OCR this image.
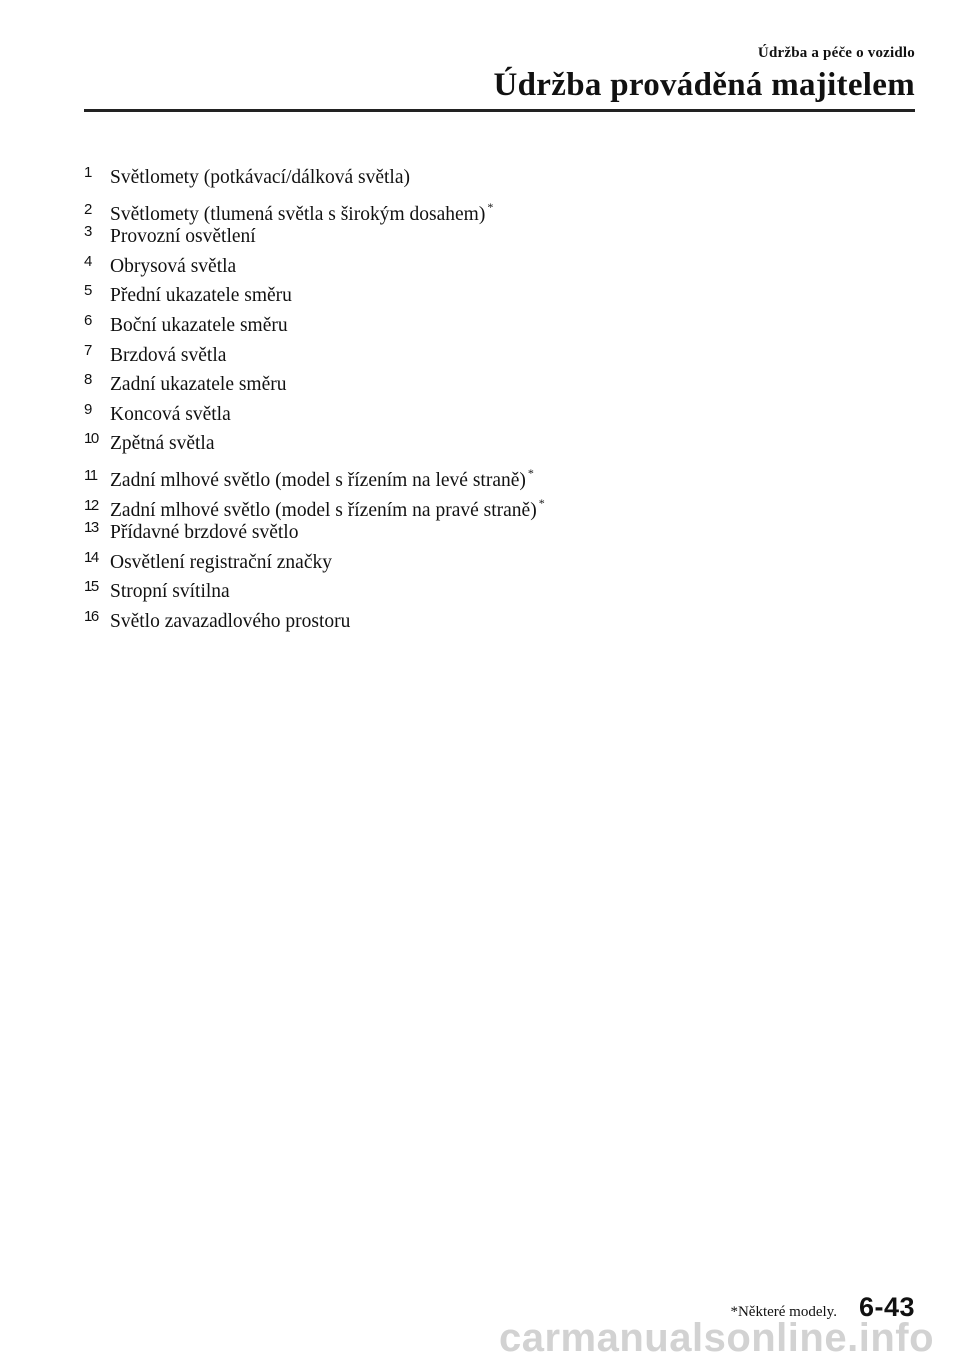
Údržba a péče o vozidlo
Údržba prováděná majitelem
1 Světlomety (potkávací/dálková světla)
2 Světlomety (tlumená světla s širokým dosahem) *
3 Provozní osvětlení
4 Obrysová světla
5 Přední ukazatele směru
6 Boční ukazatele směru
7 Brzdová světla
8 Zadní ukazatele směru
9 Koncová světla
10 Zpětná světla
11 Zadní mlhové světlo (model s řízením na levé straně) *
12 Zadní mlhové světlo (model s řízením na pravé straně) *
13 Přídavné brzdové světlo
14 Osvětlení registrační značky
15 Stropní svítilna
16 Světlo zavazadlového prostoru
*Některé modely. 6-43
carmanualsonline.info
